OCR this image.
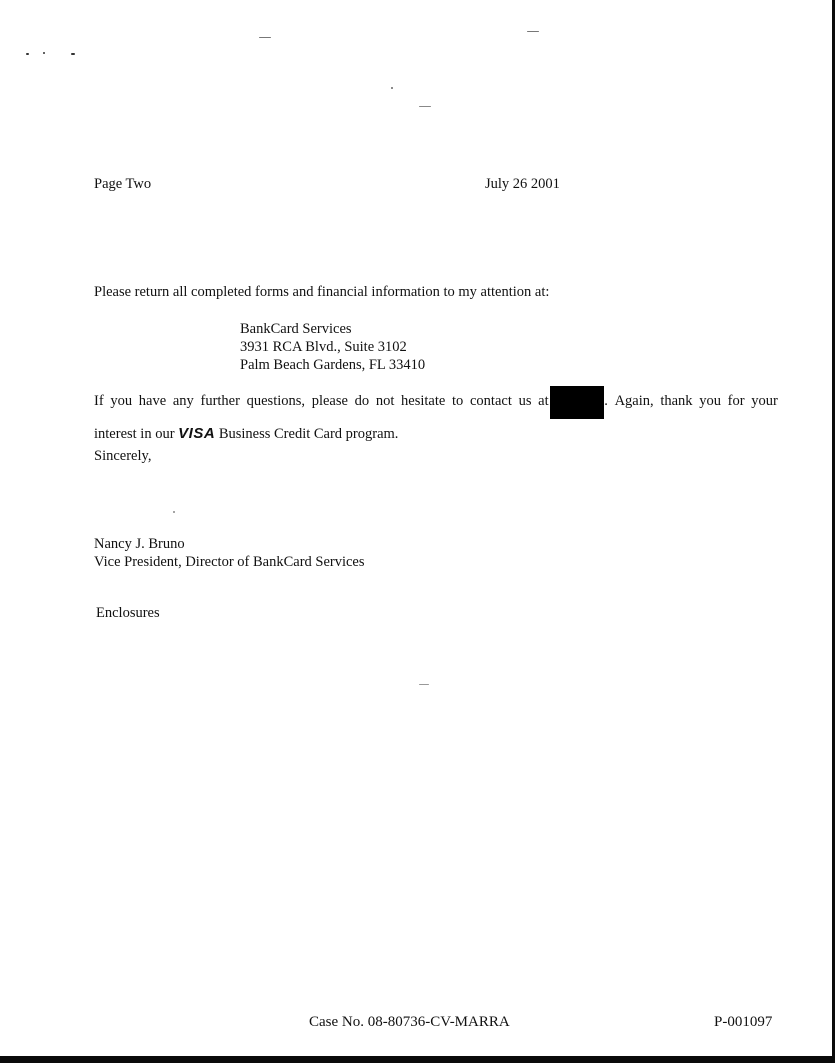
Page Two	July 26 2001
Please return all completed forms and financial information to my attention at:
BankCard Services
3931 RCA Blvd., Suite 3102
Palm Beach Gardens, FL 33410
If you have any further questions, please do not hesitate to contact us at	. Again, thank you for your
interest in our VISA Business Credit Card program.
Sincerely,
Nancy J. Bruno
Vice President, Director of BankCard Services
Enclosures
Case No. 08-80736-CV-MARRA	P-001097
